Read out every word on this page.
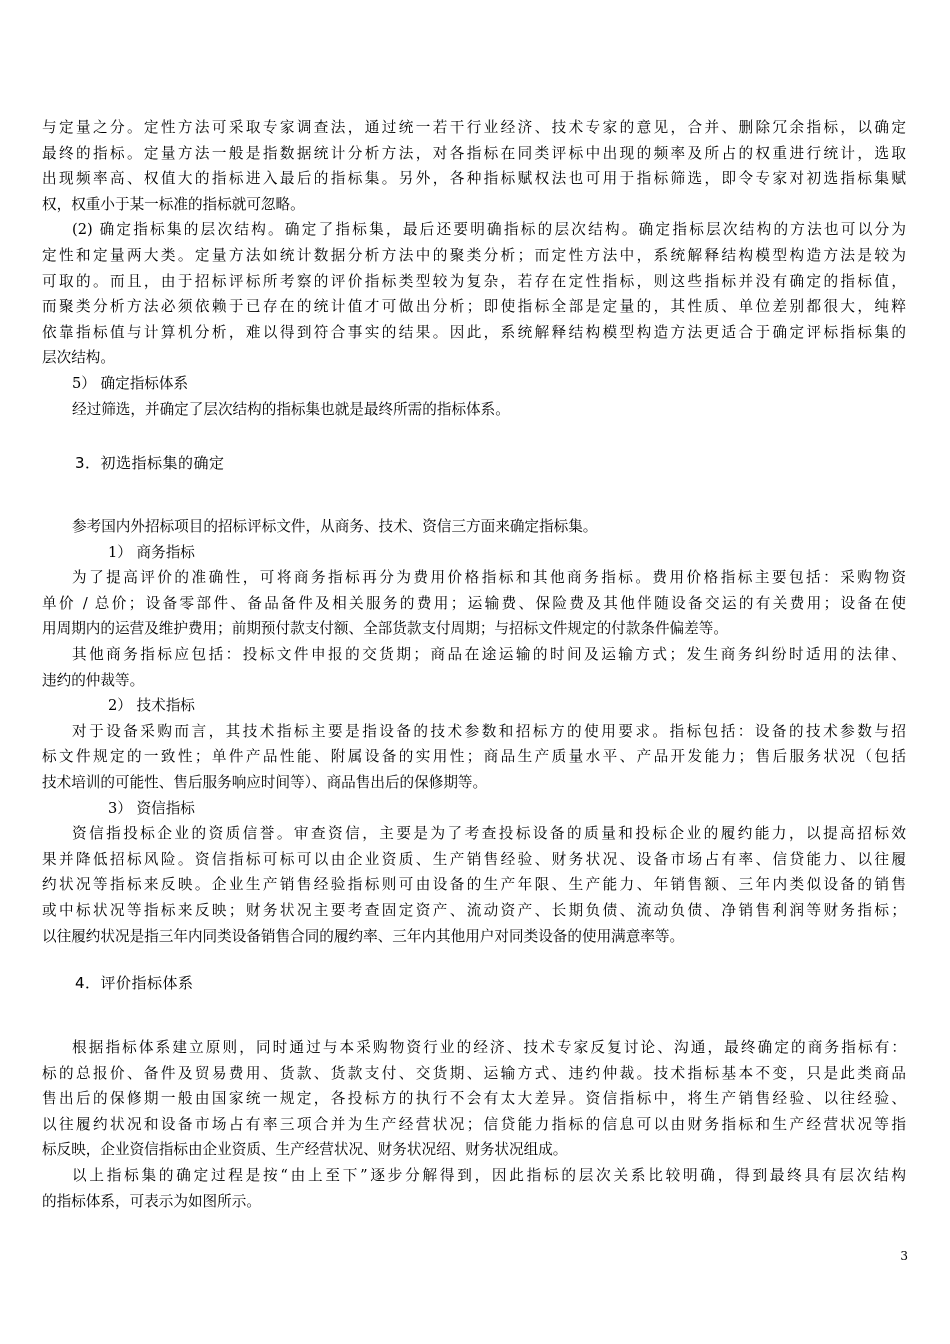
与定量之分。定性方法可采取专家调查法，通过统一若干行业经济、技术专家的意见，合并、删除冗余指标，以确定
最终的指标。定量方法一般是指数据统计分析方法，对各指标在同类评标中出现的频率及所占的权重进行统计，选取
出现频率高、权值大的指标进入最后的指标集。另外，各种指标赋权法也可用于指标筛选，即令专家对初选指标集赋
权，权重小于某一标准的指标就可忽略。
(2) 确定指标集的层次结构。确定了指标集，最后还要明确指标的层次结构。确定指标层次结构的方法也可以分为
定性和定量两大类。定量方法如统计数据分析方法中的聚类分析；而定性方法中，系统解释结构模型构造方法是较为
可取的。而且，由于招标评标所考察的评价指标类型较为复杂，若存在定性指标，则这些指标并没有确定的指标值，
而聚类分析方法必须依赖于已存在的统计值才可做出分析；即使指标全部是定量的，其性质、单位差别都很大，纯粹
依靠指标值与计算机分析，难以得到符合事实的结果。因此，系统解释结构模型构造方法更适合于确定评标指标集的
层次结构。
5） 确定指标体系
经过筛选，并确定了层次结构的指标集也就是最终所需的指标体系。
3．初选指标集的确定
参考国内外招标项目的招标评标文件，从商务、技术、资信三方面来确定指标集。
1） 商务指标
为了提高评价的准确性，可将商务指标再分为费用价格指标和其他商务指标。费用价格指标主要包括：采购物资
单价 / 总价；设备零部件、备品备件及相关服务的费用；运输费、保险费及其他伴随设备交运的有关费用；设备在使
用周期内的运营及维护费用；前期预付款支付额、全部货款支付周期；与招标文件规定的付款条件偏差等。
其他商务指标应包括：投标文件申报的交货期；商品在途运输的时间及运输方式；发生商务纠纷时适用的法律、
违约的仲裁等。
2） 技术指标
对于设备采购而言，其技术指标主要是指设备的技术参数和招标方的使用要求。指标包括：设备的技术参数与招
标文件规定的一致性；单件产品性能、附属设备的实用性；商品生产质量水平、产品开发能力；售后服务状况（包括
技术培训的可能性、售后服务响应时间等）、商品售出后的保修期等。
3） 资信指标
资信指投标企业的资质信誉。审查资信，主要是为了考查投标设备的质量和投标企业的履约能力，以提高招标效
果并降低招标风险。资信指标可标可以由企业资质、生产销售经验、财务状况、设备市场占有率、信贷能力、以往履
约状况等指标来反映。企业生产销售经验指标则可由设备的生产年限、生产能力、年销售额、三年内类似设备的销售
或中标状况等指标来反映；财务状况主要考查固定资产、流动资产、长期负债、流动负债、净销售利润等财务指标；
以往履约状况是指三年内同类设备销售合同的履约率、三年内其他用户对同类设备的使用满意率等。
4．评价指标体系
根据指标体系建立原则，同时通过与本采购物资行业的经济、技术专家反复讨论、沟通，最终确定的商务指标有：
标的总报价、备件及贸易费用、货款、货款支付、交货期、运输方式、违约仲裁。技术指标基本不变，只是此类商品
售出后的保修期一般由国家统一规定，各投标方的执行不会有太大差异。资信指标中，将生产销售经验、以往经验、
以往履约状况和设备市场占有率三项合并为生产经营状况；信贷能力指标的信息可以由财务指标和生产经营状况等指
标反映，企业资信指标由企业资质、生产经营状况、财务状况绍、财务状况组成。
以上指标集的确定过程是按“由上至下”逐步分解得到，因此指标的层次关系比较明确，得到最终具有层次结构
的指标体系，可表示为如图所示。
3
